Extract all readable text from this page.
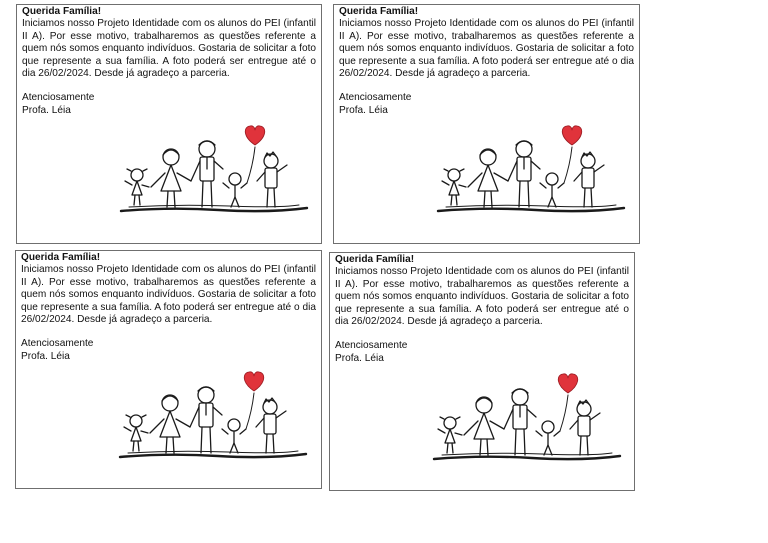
Querida Família!

Iniciamos nosso Projeto Identidade com os alunos do PEI (infantil II A). Por esse motivo, trabalharemos as questões referente a quem nós somos enquanto indivíduos. Gostaria de solicitar a foto que represente a sua família. A foto poderá ser entregue até o dia 26/02/2024. Desde já agradeço a parceria.

Atenciosamente

Profa. Léia

Querida Família!

Iniciamos nosso Projeto Identidade com os alunos do PEI (infantil II A). Por esse motivo, trabalharemos as questões referente a quem nós somos enquanto indivíduos. Gostaria de solicitar a foto que represente a sua família. A foto poderá ser entregue até o dia 26/02/2024. Desde já agradeço a parceria.

Atenciosamente

Profa. Léia

Querida Família!

Iniciamos nosso Projeto Identidade com os alunos do PEI (infantil II A). Por esse motivo, trabalharemos as questões referente a quem nós somos enquanto indivíduos. Gostaria de solicitar a foto que represente a sua família. A foto poderá ser entregue até o dia 26/02/2024. Desde já agradeço a parceria.

Atenciosamente

Profa. Léia

Querida Família!

Iniciamos nosso Projeto Identidade com os alunos do PEI (infantil II A). Por esse motivo, trabalharemos as questões referente a quem nós somos enquanto indivíduos. Gostaria de solicitar a foto que represente a sua família. A foto poderá ser entregue até o dia 26/02/2024. Desde já agradeço a parceria.

Atenciosamente

Profa. Léia
